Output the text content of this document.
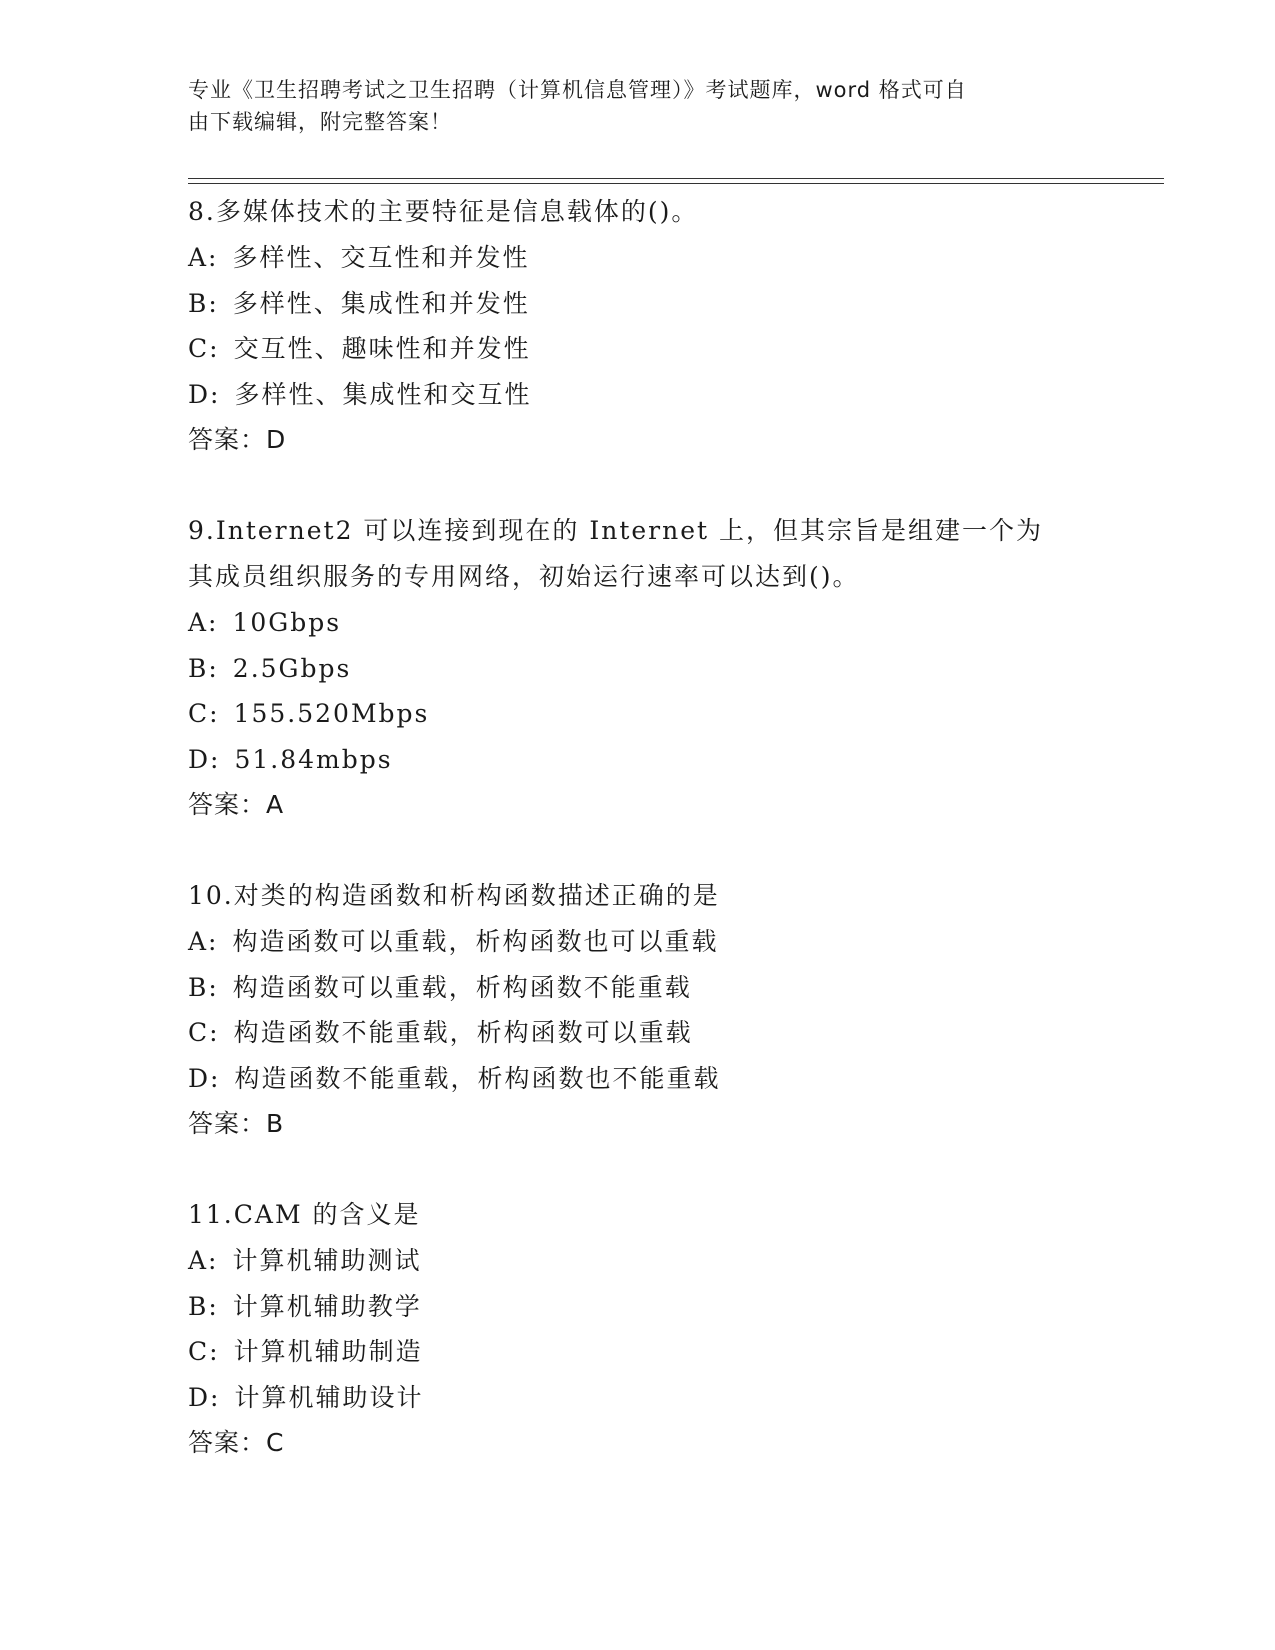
专业《卫生招聘考试之卫生招聘（计算机信息管理）》考试题库，word 格式可自
由下载编辑，附完整答案！
8.多媒体技术的主要特征是信息载体的()。
A: 多样性、交互性和并发性
B: 多样性、集成性和并发性
C: 交互性、趣味性和并发性
D: 多样性、集成性和交互性
答案：D
9.Internet2 可以连接到现在的 Internet 上，但其宗旨是组建一个为
其成员组织服务的专用网络，初始运行速率可以达到()。
A: 10Gbps
B: 2.5Gbps
C: 155.520Mbps
D: 51.84mbps
答案：A
10.对类的构造函数和析构函数描述正确的是
A: 构造函数可以重载，析构函数也可以重载
B: 构造函数可以重载，析构函数不能重载
C: 构造函数不能重载，析构函数可以重载
D: 构造函数不能重载，析构函数也不能重载
答案：B
11.CAM 的含义是
A: 计算机辅助测试
B: 计算机辅助教学
C: 计算机辅助制造
D: 计算机辅助设计
答案：C
